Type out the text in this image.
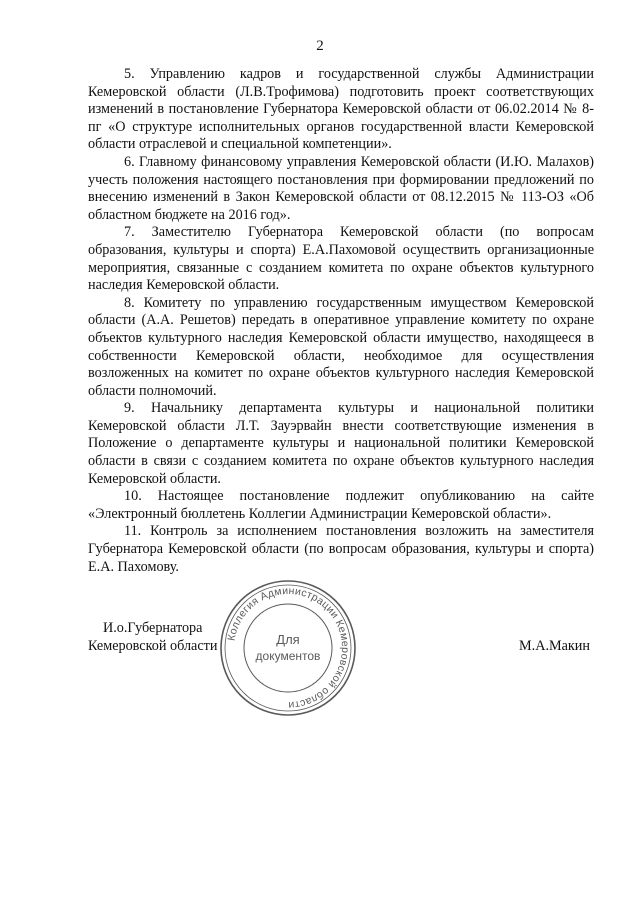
2

5. Управлению кадров и государственной службы Администрации Кемеровской области (Л.В.Трофимова) подготовить проект соответствующих изменений в постановление Губернатора Кемеровской области от 06.02.2014 № 8-пг «О структуре исполнительных органов государственной власти Кемеровской области отраслевой и специальной компетенции».

6. Главному финансовому управления Кемеровской области (И.Ю. Малахов) учесть положения настоящего постановления при формировании предложений по внесению изменений в Закон Кемеровской области от 08.12.2015 № 113-ОЗ «Об областном бюджете на 2016 год».

7. Заместителю Губернатора Кемеровской области (по вопросам образования, культуры и спорта) Е.А.Пахомовой осуществить организационные мероприятия, связанные с созданием комитета по охране объектов культурного наследия Кемеровской области.

8. Комитету по управлению государственным имуществом Кемеровской области (А.А. Решетов) передать в оперативное управление комитету по охране объектов культурного наследия Кемеровской области имущество, находящееся в собственности Кемеровской области, необходимое для осуществления возложенных на комитет по охране объектов культурного наследия Кемеровской области полномочий.

9. Начальнику департамента культуры и национальной политики Кемеровской области Л.Т. Зауэрвайн внести соответствующие изменения в Положение о департаменте культуры и национальной политики Кемеровской области в связи с созданием комитета по охране объектов культурного наследия Кемеровской области.

10. Настоящее постановление подлежит опубликованию на сайте «Электронный бюллетень Коллегии Администрации Кемеровской области».

11. Контроль за исполнением постановления возложить на заместителя Губернатора Кемеровской области (по вопросам образования, культуры и спорта) Е.А. Пахомову.

И.о.Губернатора
Кемеровской области	М.А.Макин
Коллегия Администрации Кемеровской области
Для
документов
